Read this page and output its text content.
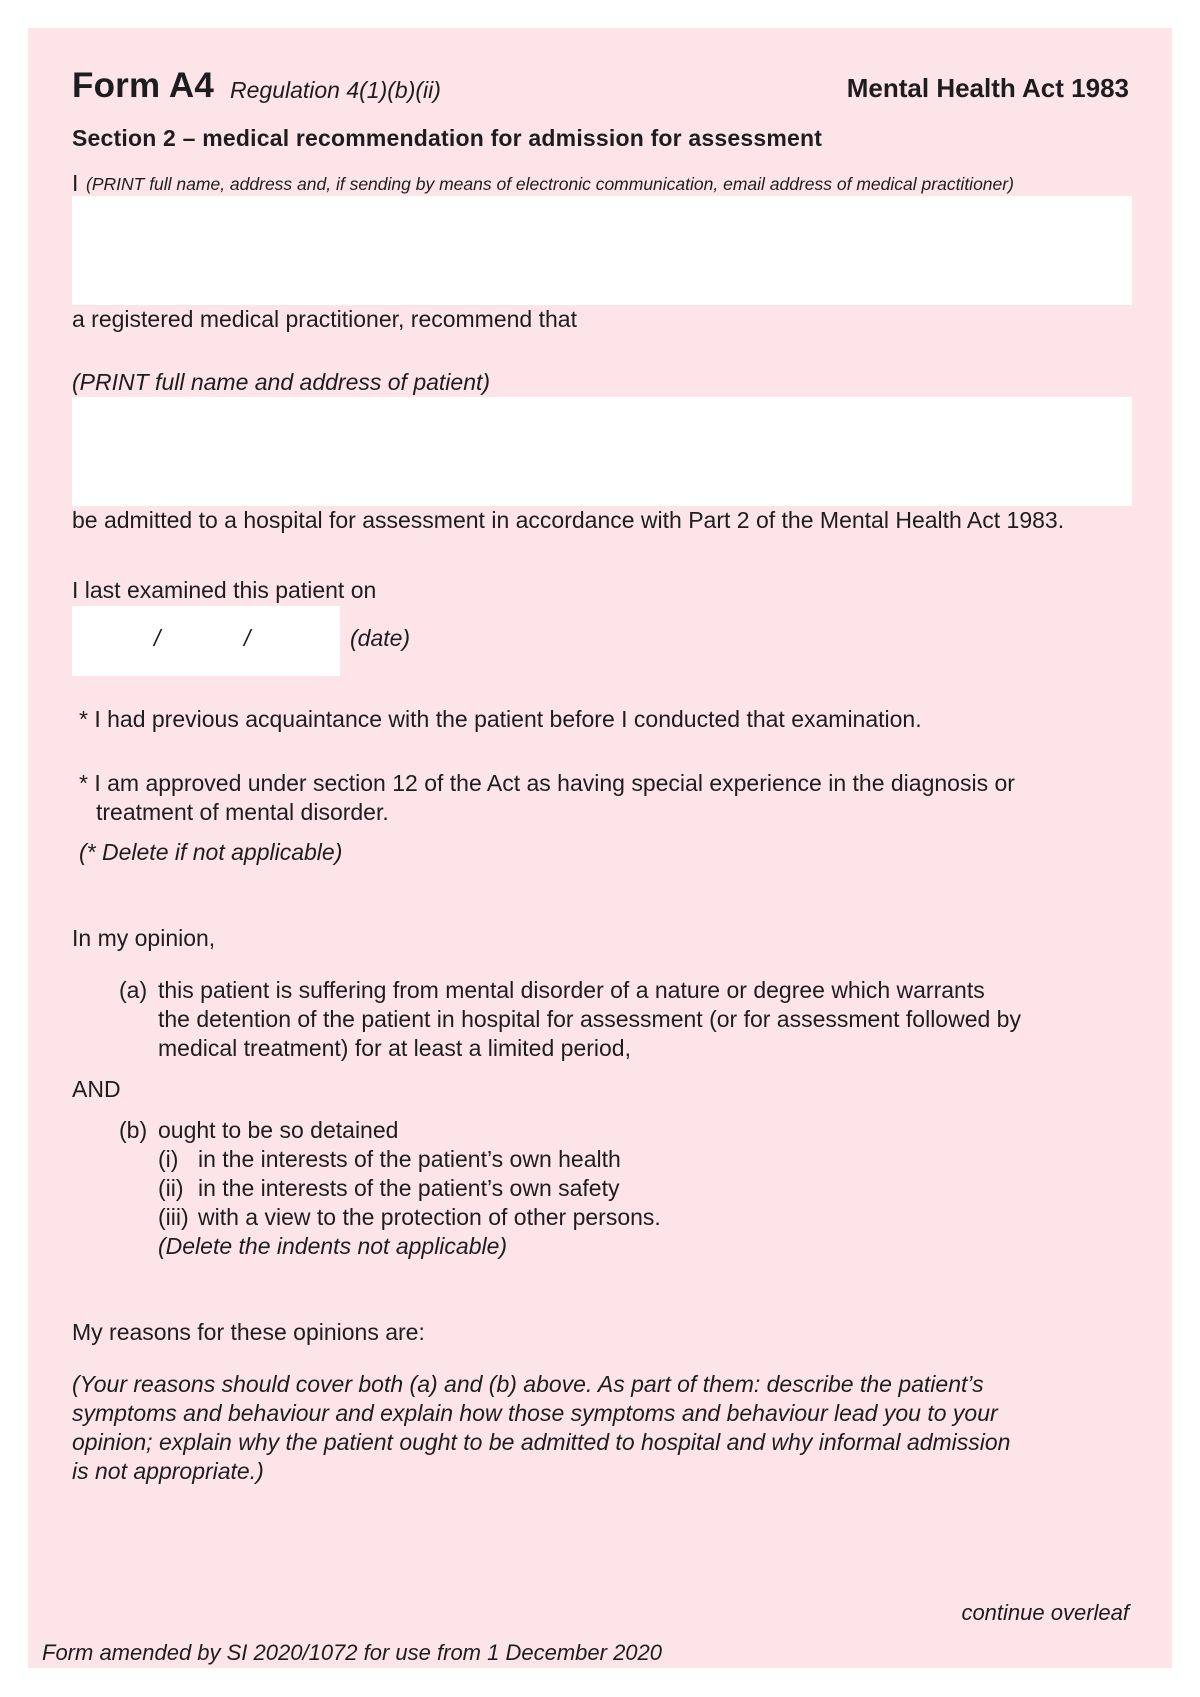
Form A4 Regulation 4(1)(b)(ii)	Mental Health Act 1983
Section 2 – medical recommendation for admission for assessment
I (PRINT full name, address and, if sending by means of electronic communication, email address of medical practitioner)
a registered medical practitioner, recommend that
(PRINT full name and address of patient)
be admitted to a hospital for assessment in accordance with Part 2 of the Mental Health Act 1983.
I last examined this patient on
/	/	(date)
* I had previous acquaintance with the patient before I conducted that examination.
* I am approved under section 12 of the Act as having special experience in the diagnosis or
treatment of mental disorder.
(* Delete if not applicable)
In my opinion,
(a) this patient is suffering from mental disorder of a nature or degree which warrants
the detention of the patient in hospital for assessment (or for assessment followed by
medical treatment) for at least a limited period,
AND
(b) ought to be so detained
(i) in the interests of the patient’s own health
(ii) in the interests of the patient’s own safety
(iii) with a view to the protection of other persons.
(Delete the indents not applicable)
My reasons for these opinions are:
(Your reasons should cover both (a) and (b) above. As part of them: describe the patient’s
symptoms and behaviour and explain how those symptoms and behaviour lead you to your
opinion; explain why the patient ought to be admitted to hospital and why informal admission
is not appropriate.)
continue overleaf
Form amended by SI 2020/1072 for use from 1 December 2020
